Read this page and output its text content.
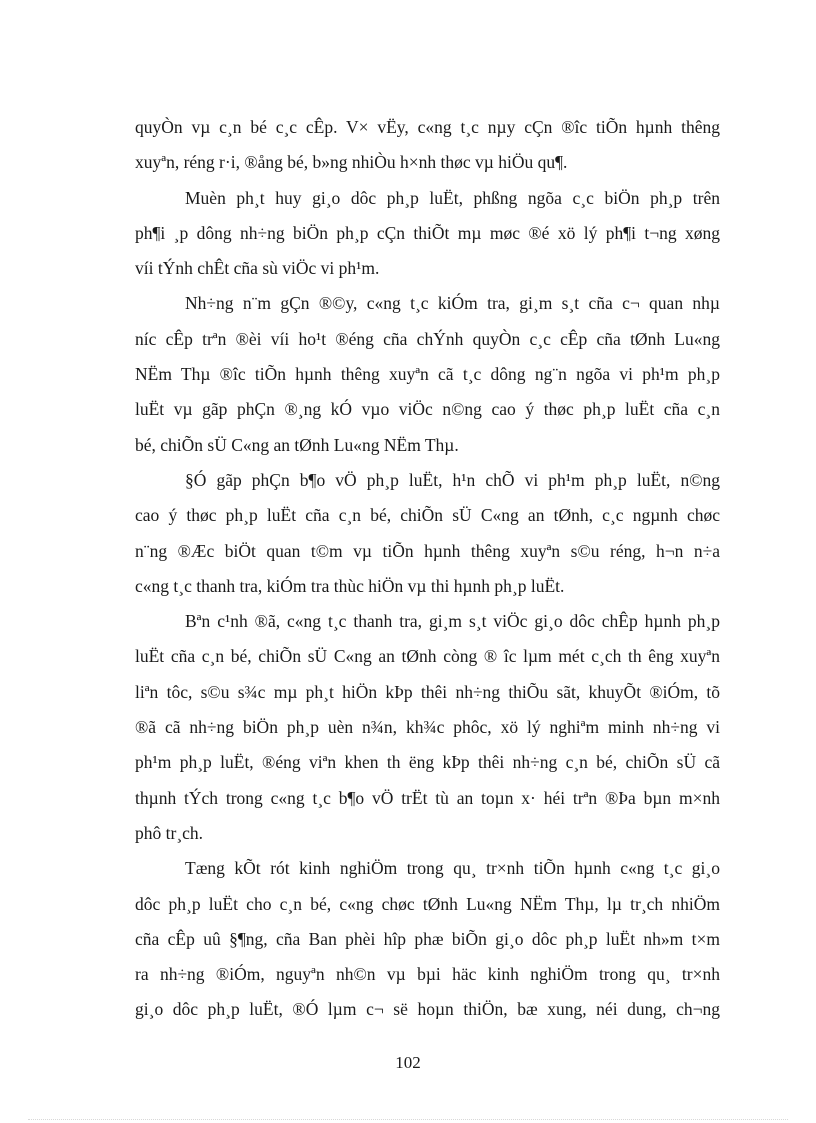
quyÒn vµ c¸n bé c¸c cÊp. V× vËy, c«ng t¸c nµy cÇn ®îc tiÕn hµnh thêng
xuyªn, réng r·i, ®ång bé, b»ng nhiÒu h×nh thøc vµ hiÖu qu¶.

Muèn ph¸t huy gi¸o dôc ph¸p luËt, phßng ngõa c¸c biÖn ph¸p trên
ph¶i ¸p dông nh÷ng biÖn ph¸p cÇn thiÕt mµ møc ®é xö lý ph¶i t¬ng xøng
víi tÝnh chÊt cña sù viÖc vi ph¹m.

Nh÷ng n¨m gÇn ®©y, c«ng t¸c kiÓm tra, gi¸m s¸t cña c¬ quan nhµ
níc cÊp trªn ®èi víi ho¹t ®éng cña chÝnh quyÒn c¸c cÊp cña tØnh Lu«ng
NËm Thµ ®îc tiÕn hµnh thêng xuyªn cã t¸c dông ng¨n ngõa vi ph¹m ph¸p
luËt vµ gãp phÇn ®¸ng kÓ vµo viÖc n©ng cao ý thøc ph¸p luËt cña c¸n
bé, chiÕn sÜ C«ng an tØnh Lu«ng NËm Thµ.

§Ó gãp phÇn b¶o vÖ ph¸p luËt, h¹n chÕ vi ph¹m ph¸p luËt, n©ng
cao ý thøc ph¸p luËt cña c¸n bé, chiÕn sÜ C«ng an tØnh, c¸c ngµnh chøc
n¨ng ®Æc biÖt quan t©m vµ tiÕn hµnh thêng xuyªn s©u réng, h¬n n÷a
c«ng t¸c thanh tra, kiÓm tra thùc hiÖn vµ thi hµnh ph¸p luËt.

Bªn c¹nh ®ã, c«ng t¸c thanh tra, gi¸m s¸t viÖc gi¸o dôc chÊp hµnh ph¸p
luËt cña c¸n bé, chiÕn sÜ C«ng an tØnh còng ® îc lµm mét c¸ch th êng xuyªn
liªn tôc, s©u s¾c mµ ph¸t hiÖn kÞp thêi nh÷ng thiÕu sãt, khuyÕt ®iÓm, tõ
®ã cã nh÷ng biÖn ph¸p uèn n¾n, kh¾c phôc, xö lý nghiªm minh nh÷ng vi
ph¹m ph¸p luËt, ®éng viªn khen th ëng kÞp thêi nh÷ng c¸n bé, chiÕn sÜ cã
thµnh tÝch trong c«ng t¸c b¶o vÖ trËt tù an toµn x· héi trªn ®Þa bµn m×nh
phô tr¸ch.

Tæng kÕt rót kinh nghiÖm trong qu¸ tr×nh tiÕn hµnh c«ng t¸c gi¸o
dôc ph¸p luËt cho c¸n bé, c«ng chøc tØnh Lu«ng NËm Thµ, lµ tr¸ch nhiÖm
cña cÊp uû §¶ng, cña Ban phèi hîp phæ biÕn gi¸o dôc ph¸p luËt nh»m t×m
ra nh÷ng ®iÓm, nguyªn nh©n vµ bµi häc kinh nghiÖm trong qu¸ tr×nh
gi¸o dôc ph¸p luËt, ®Ó lµm c¬ së hoµn thiÖn, bæ xung, néi dung, ch¬ng

102
